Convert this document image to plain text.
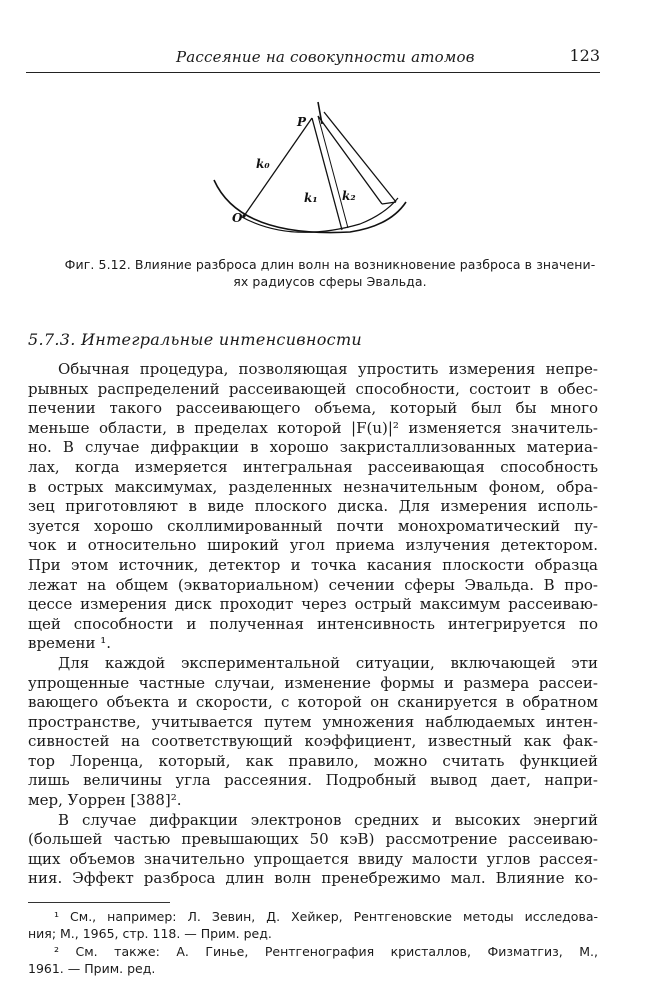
Рассеяние на совокупности атомов	123
P
O
k₀
k₁ k₂
Фиг. 5.12. Влияние разброса длин волн на возникновение разброса в значени-
ях радиусов сферы Эвальда.
5.7.3. Интегральные интенсивности
Обычная процедура, позволяющая упростить измерения непре-
рывных распределений рассеивающей способности, состоит в обес-
печении такого рассеивающего объема, который был бы много
меньше области, в пределах которой |F(u)|² изменяется значитель-
но. В случае дифракции в хорошо закристаллизованных материа-
лах, когда измеряется интегральная рассеивающая способность
в острых максимумах, разделенных незначительным фоном, обра-
зец приготовляют в виде плоского диска. Для измерения исполь-
зуется хорошо сколлимированный почти монохроматический пу-
чок и относительно широкий угол приема излучения детектором.
При этом источник, детектор и точка касания плоскости образца
лежат на общем (экваториальном) сечении сферы Эвальда. В про-
цессе измерения диск проходит через острый максимум рассеиваю-
щей способности и полученная интенсивность интегрируется по
времени ¹.
Для каждой экспериментальной ситуации, включающей эти
упрощенные частные случаи, изменение формы и размера рассеи-
вающего объекта и скорости, с которой он сканируется в обратном
пространстве, учитывается путем умножения наблюдаемых интен-
сивностей на соответствующий коэффициент, известный как фак-
тор Лоренца, который, как правило, можно считать функцией
лишь величины угла рассеяния. Подробный вывод дает, напри-
мер, Уоррен [388]².
В случае дифракции электронов средних и высоких энергий
(большей частью превышающих 50 кэВ) рассмотрение рассеиваю-
щих объемов значительно упрощается ввиду малости углов рассея-
ния. Эффект разброса длин волн пренебрежимо мал. Влияние ко-
¹ См., например: Л. Зевин, Д. Хейкер, Рентгеновские методы исследова-
ния; М., 1965, стр. 118. — Прим. ред.
² См. также: А. Гинье, Рентгенография кристаллов, Физматгиз, М.,
1961. — Прим. ред.
